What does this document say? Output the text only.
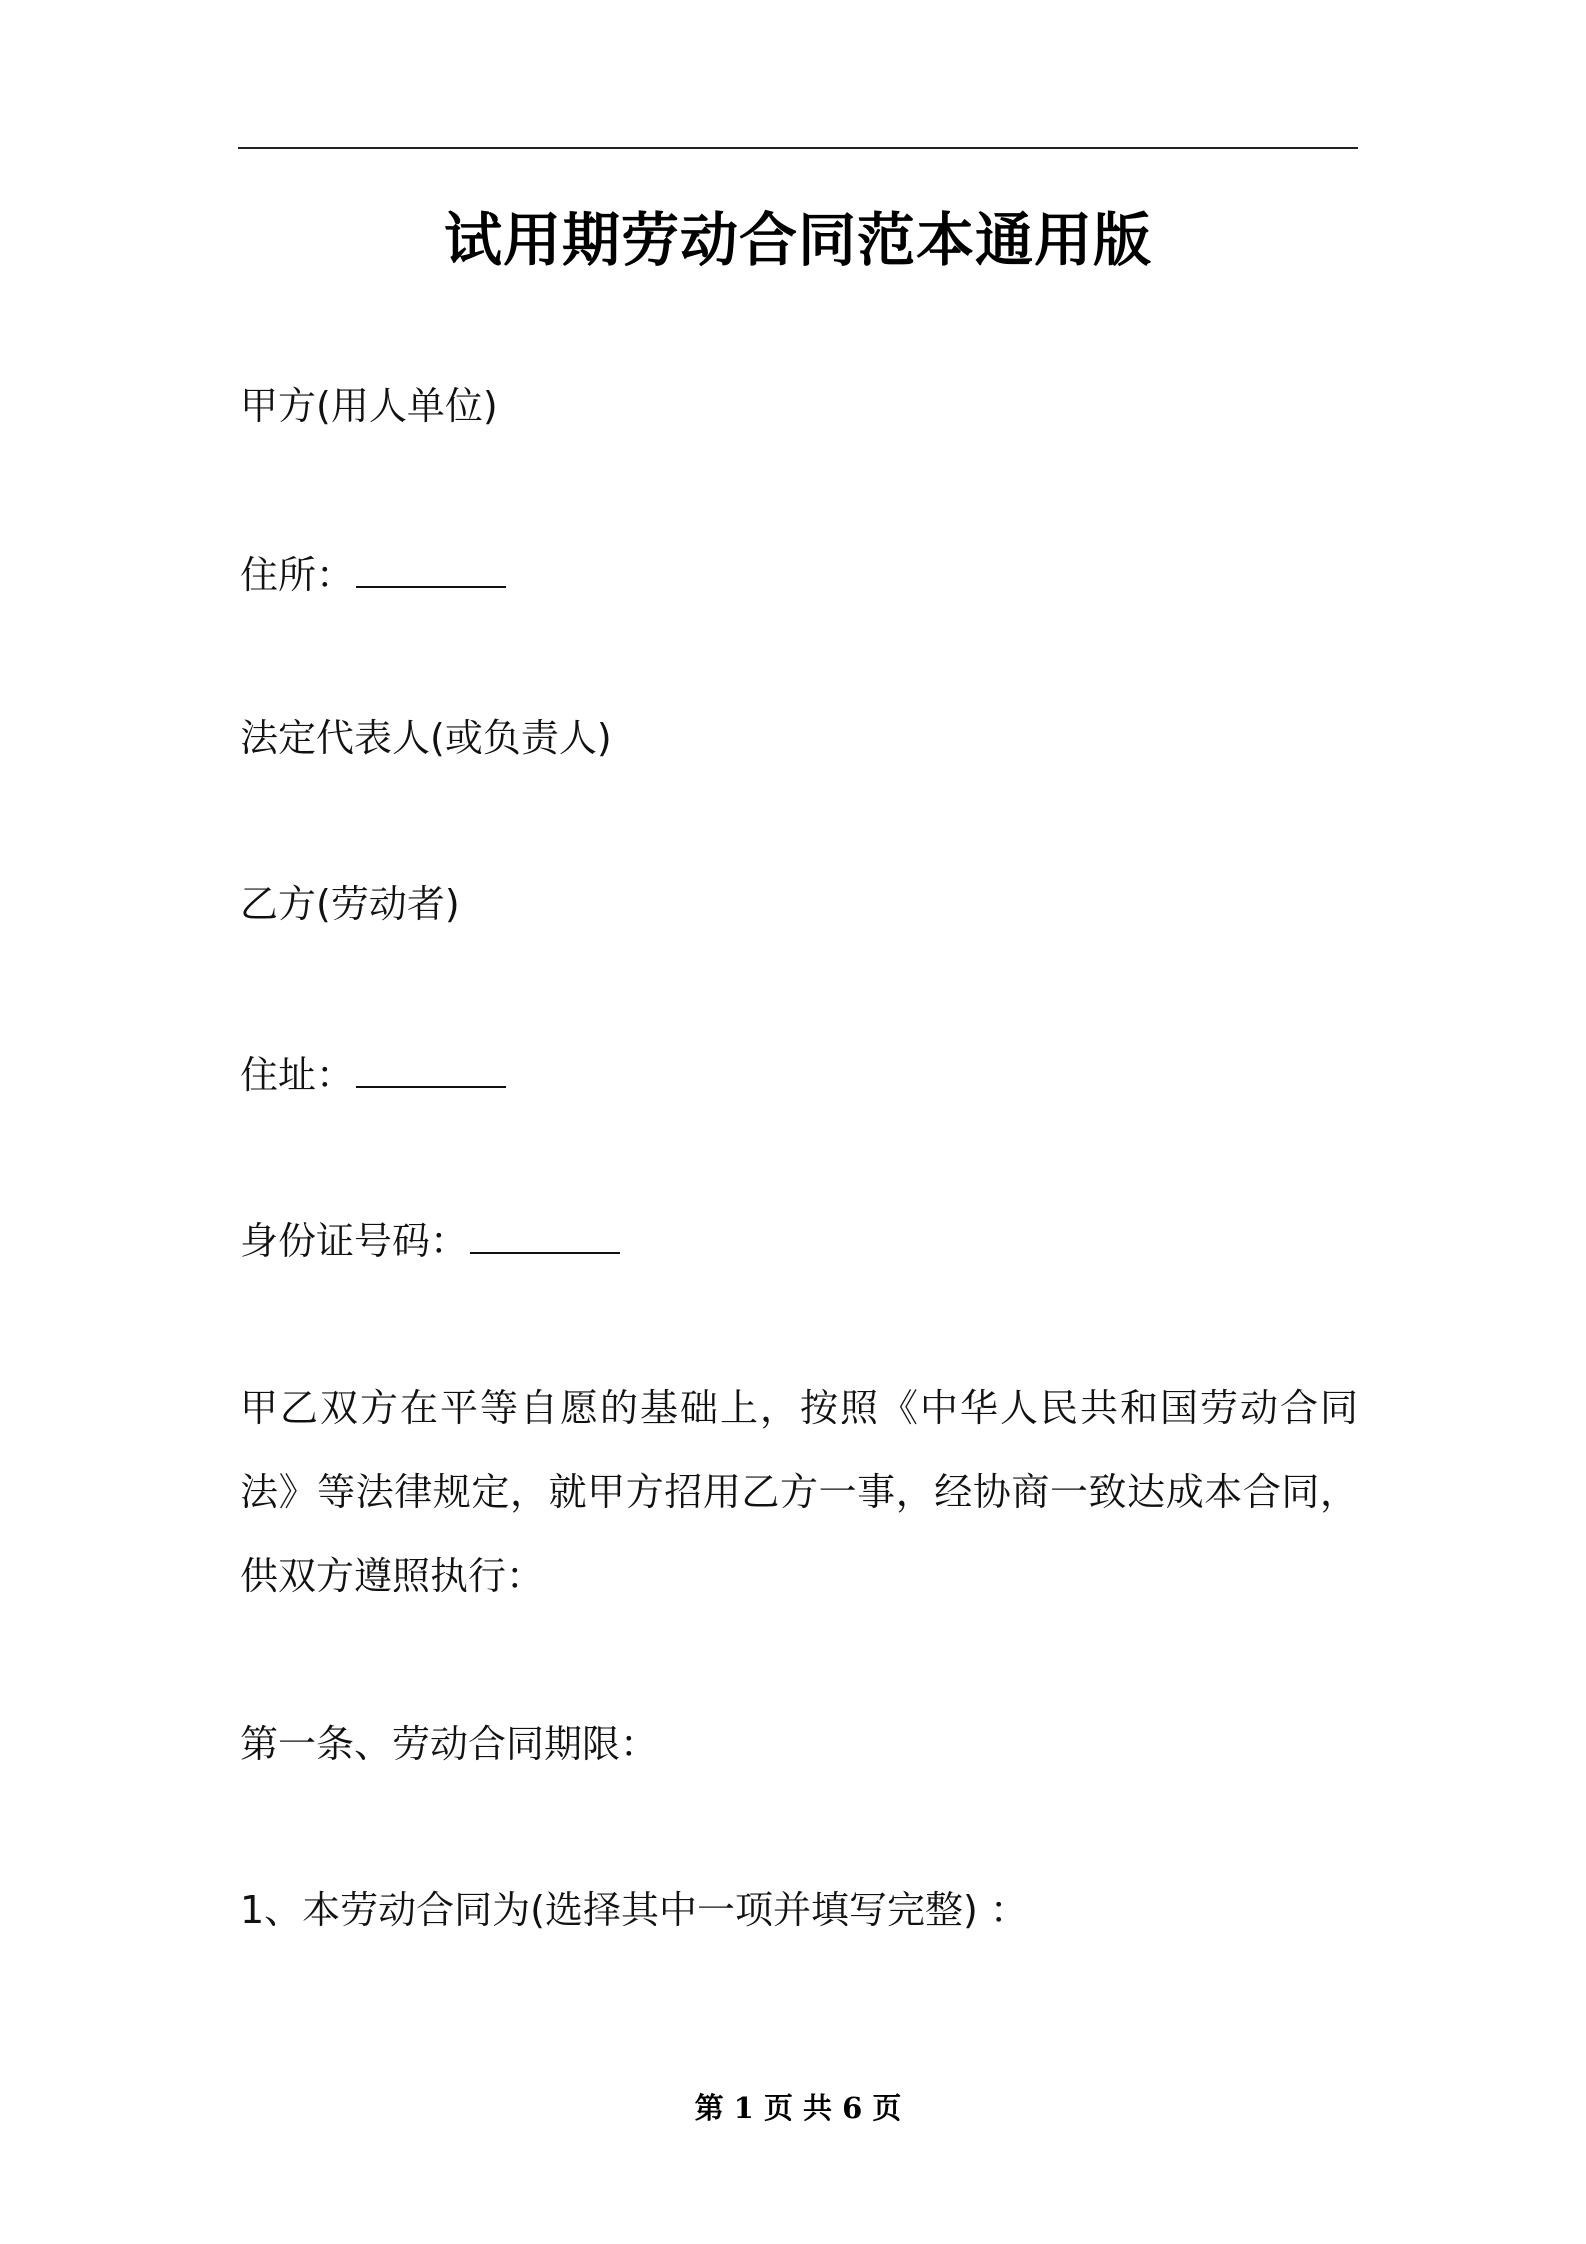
试用期劳动合同范本通用版
甲方(用人单位)
住所：
法定代表人(或负责人)
乙方(劳动者)
住址：
身份证号码：
甲乙双方在平等自愿的基础上，按照《中华人民共和国劳动合同法》等法律规定，就甲方招用乙方一事，经协商一致达成本合同，供双方遵照执行：
第一条、劳动合同期限：
1、本劳动合同为(选择其中一项并填写完整) ：
第 1 页 共 6 页
